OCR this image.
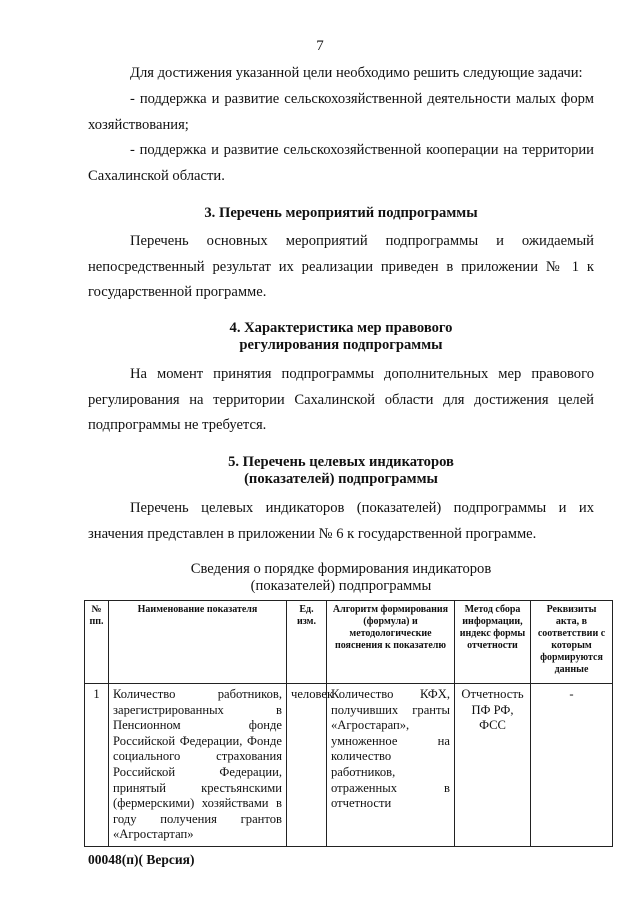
7
Для достижения указанной цели необходимо решить следующие задачи:
- поддержка и развитие сельскохозяйственной деятельности малых форм хозяйствования;
- поддержка и развитие сельскохозяйственной кооперации на территории Сахалинской области.
3. Перечень мероприятий подпрограммы
Перечень основных мероприятий подпрограммы и ожидаемый непосредственный результат их реализации приведен в приложении № 1 к государственной программе.
4. Характеристика мер правового
регулирования подпрограммы
На момент принятия подпрограммы дополнительных мер правового регулирования на территории Сахалинской области для достижения целей подпрограммы не требуется.
5. Перечень целевых индикаторов
(показателей) подпрограммы
Перечень целевых индикаторов (показателей) подпрограммы и их значения представлен в приложении № 6 к государственной программе.
Сведения о порядке формирования индикаторов
(показателей) подпрограммы
№ пп.	Наименование показателя	Ед. изм.	Алгоритм формирования (формула) и методологические пояснения к показателю	Метод сбора информации, индекс формы отчетности	Реквизиты акта, в соответствии с которым формируются данные
1	Количество работников, зарегистрированных в Пенсионном фонде Российской Федерации, Фонде социального страхования Российской Федерации, принятый крестьянскими (фермерскими) хозяйствами в году получения грантов «Агростартап»	человек	Количество КФХ, получивших гранты «Агростарап», умноженное на количество работников, отраженных в отчетности	Отчетность ПФ РФ, ФСС	-
00048(п)( Версия)
